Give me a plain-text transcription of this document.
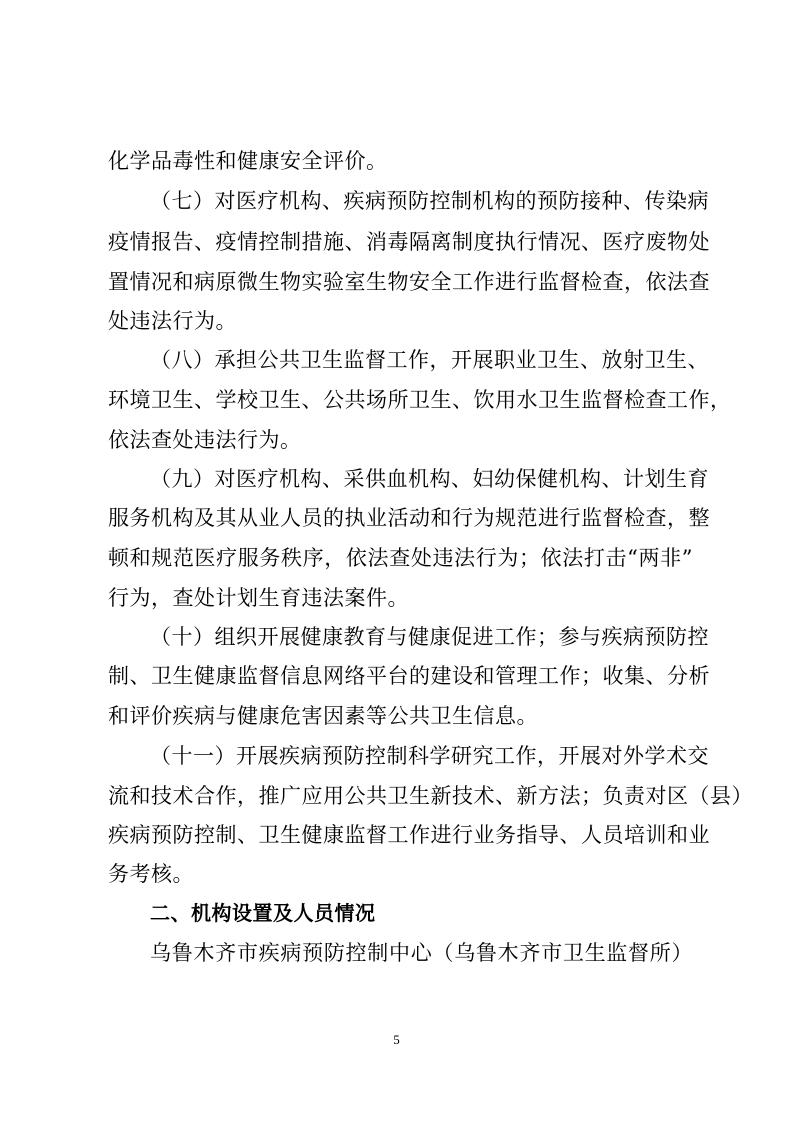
化学品毒性和健康安全评价。
（七）对医疗机构、疾病预防控制机构的预防接种、传染病
疫情报告、疫情控制措施、消毒隔离制度执行情况、医疗废物处
置情况和病原微生物实验室生物安全工作进行监督检查，依法查
处违法行为。
（八）承担公共卫生监督工作，开展职业卫生、放射卫生、
环境卫生、学校卫生、公共场所卫生、饮用水卫生监督检查工作，
依法查处违法行为。
（九）对医疗机构、采供血机构、妇幼保健机构、计划生育
服务机构及其从业人员的执业活动和行为规范进行监督检查，整
顿和规范医疗服务秩序，依法查处违法行为；依法打击“两非”
行为，查处计划生育违法案件。
（十）组织开展健康教育与健康促进工作；参与疾病预防控
制、卫生健康监督信息网络平台的建设和管理工作；收集、分析
和评价疾病与健康危害因素等公共卫生信息。
（十一）开展疾病预防控制科学研究工作，开展对外学术交
流和技术合作，推广应用公共卫生新技术、新方法；负责对区（县）
疾病预防控制、卫生健康监督工作进行业务指导、人员培训和业
务考核。
二、机构设置及人员情况
乌鲁木齐市疾病预防控制中心（乌鲁木齐市卫生监督所）
5
